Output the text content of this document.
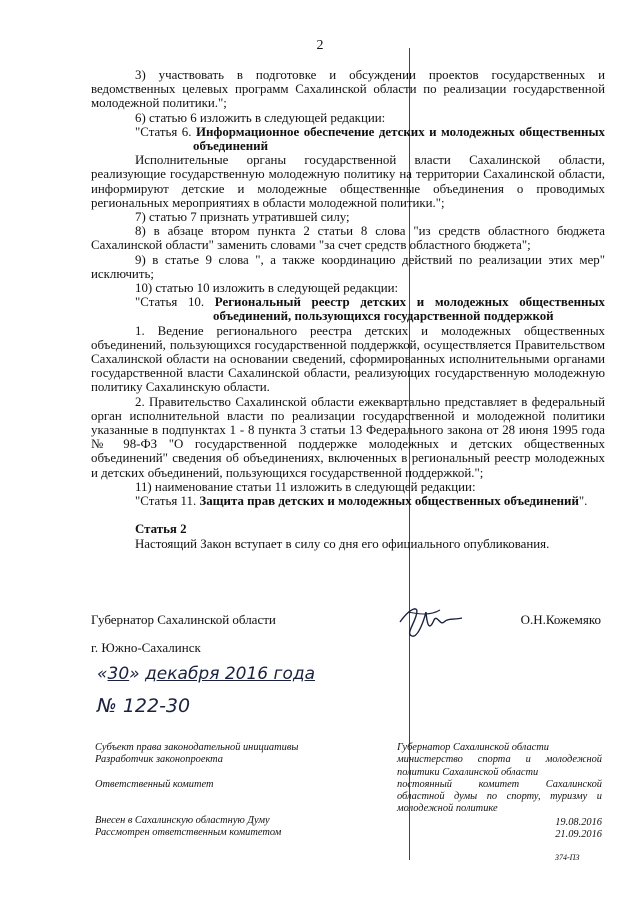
2

3) участвовать в подготовке и обсуждении проектов государственных и ведомственных целевых программ Сахалинской области по реализации государственной молодежной политики.";

6) статью 6 изложить в следующей редакции:

"Статья 6. Информационное обеспечение детских и молодежных общественных объединений

Исполнительные органы государственной власти Сахалинской области, реализующие государственную молодежную политику на территории Сахалинской области, информируют детские и молодежные общественные объединения о проводимых региональных мероприятиях в области молодежной политики.";

7) статью 7 признать утратившей силу;

8) в абзаце втором пункта 2 статьи 8 слова "из средств областного бюджета Сахалинской области" заменить словами "за счет средств областного бюджета";

9) в статье 9 слова ", а также координацию действий по реализации этих мер" исключить;

10) статью 10 изложить в следующей редакции:

"Статья 10. Региональный реестр детских и молодежных общественных объединений, пользующихся государственной поддержкой

1. Ведение регионального реестра детских и молодежных общественных объединений, пользующихся государственной поддержкой, осуществляется Правительством Сахалинской области на основании сведений, сформированных исполнительными органами государственной власти Сахалинской области, реализующих государственную молодежную политику Сахалинскую области.

2. Правительство Сахалинской области ежеквартально представляет в федеральный орган исполнительной власти по реализации государственной и молодежной политики указанные в подпунктах 1 - 8 пункта 3 статьи 13 Федерального закона от 28 июня 1995 года № 98-ФЗ "О государственной поддержке молодежных и детских общественных объединений" сведения об объединениях, включенных в региональный реестр молодежных и детских объединений, пользующихся государственной поддержкой.";

11) наименование статьи 11 изложить в следующей редакции:

"Статья 11. Защита прав детских и молодежных общественных объединений".

Статья 2

Настоящий Закон вступает в силу со дня его официального опубликования.

Губернатор Сахалинской области	О.Н.Кожемяко
г. Южно-Сахалинск
«30» декабря 2016 года
№ 122-30

Субъект права законодательной инициативы

Разработчик законопроекта

Ответственный комитет

Внесен в Сахалинскую областную Думу

Рассмотрен ответственным комитетом

Губернатор Сахалинской области

министерство спорта и молодежной политики Сахалинской области

постоянный комитет Сахалинской областной думы по спорту, туризму и молодежной политике

19.08.2016

21.09.2016

374-ПЗ
